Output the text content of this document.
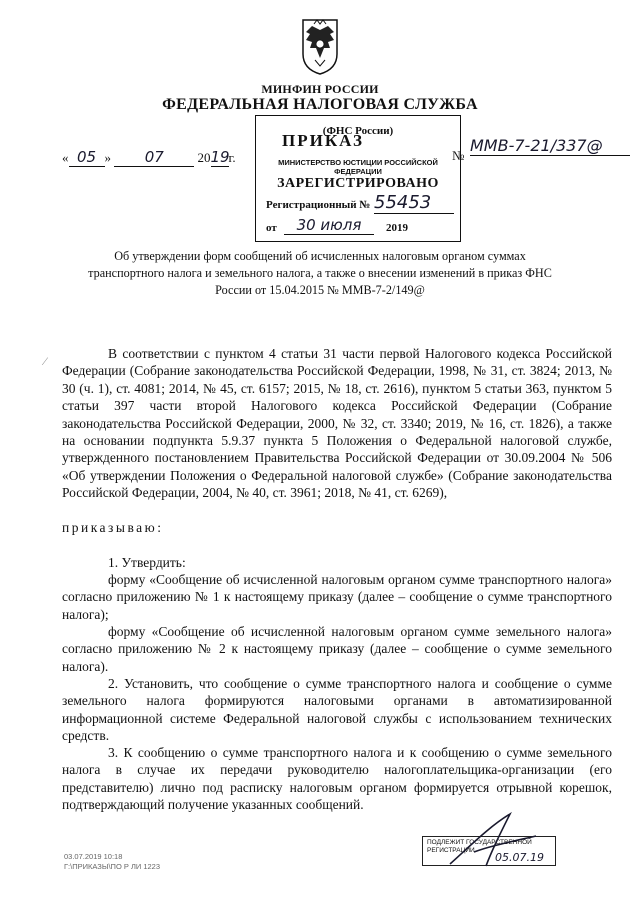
МИНФИН РОССИИ
ФЕДЕРАЛЬНАЯ НАЛОГОВАЯ СЛУЖБА
(ФНС России)
МИНИСТЕРСТВО ЮСТИЦИИ РОССИЙСКОЙ ФЕДЕРАЦИИ
ЗАРЕГИСТРИРОВАНО
Регистрационный № 55453
от	30 июля	2019
ПРИКАЗ
« 05 » 07	2019г.	№
ММВ-7-21/337@
Об утверждении форм сообщений об исчисленных налоговым органом суммах транспортного налога и земельного налога, а также о внесении изменений в приказ ФНС России от 15.04.2015 № ММВ-7-2/149@
⁄	В соответствии с пунктом 4 статьи 31 части первой Налогового кодекса Российской Федерации (Собрание законодательства Российской Федерации, 1998, № 31, ст. 3824; 2013, № 30 (ч. 1), ст. 4081; 2014, № 45, ст. 6157; 2015, № 18, ст. 2616), пунктом 5 статьи 363, пунктом 5 статьи 397 части второй Налогового кодекса Российской Федерации (Собрание законодательства Российской Федерации, 2000, № 32, ст. 3340; 2019, № 16, ст. 1826), а также на основании подпункта 5.9.37 пункта 5 Положения о Федеральной налоговой службе, утвержденного постановлением Правительства Российской Федерации от 30.09.2004 № 506 «Об утверждении Положения о Федеральной налоговой службе» (Собрание законодательства Российской Федерации, 2004, № 40, ст. 3961; 2018, № 41, ст. 6269),
приказываю:
1. Утвердить:
форму «Сообщение об исчисленной налоговым органом сумме транспортного налога» согласно приложению № 1 к настоящему приказу (далее – сообщение о сумме транспортного налога);
форму «Сообщение об исчисленной налоговым органом сумме земельного налога» согласно приложению № 2 к настоящему приказу (далее – сообщение о сумме земельного налога).
2. Установить, что сообщение о сумме транспортного налога и сообщение о сумме земельного налога формируются налоговыми органами в автоматизированной информационной системе Федеральной налоговой службы с использованием технических средств.
3. К сообщению о сумме транспортного налога и к сообщению о сумме земельного налога в случае их передачи руководителю налогоплательщика-организации (его представителю) лично под расписку налоговым органом формируется отрывной корешок, подтверждающий получение указанных сообщений.
03.07.2019 10:18
Г:\ПРИКАЗЫ\ПО Р ЛИ 1223
ПОДЛЕЖИТ ГОСУДАРСТВЕННОЙ РЕГИСТРАЦИИ
05.07.19
